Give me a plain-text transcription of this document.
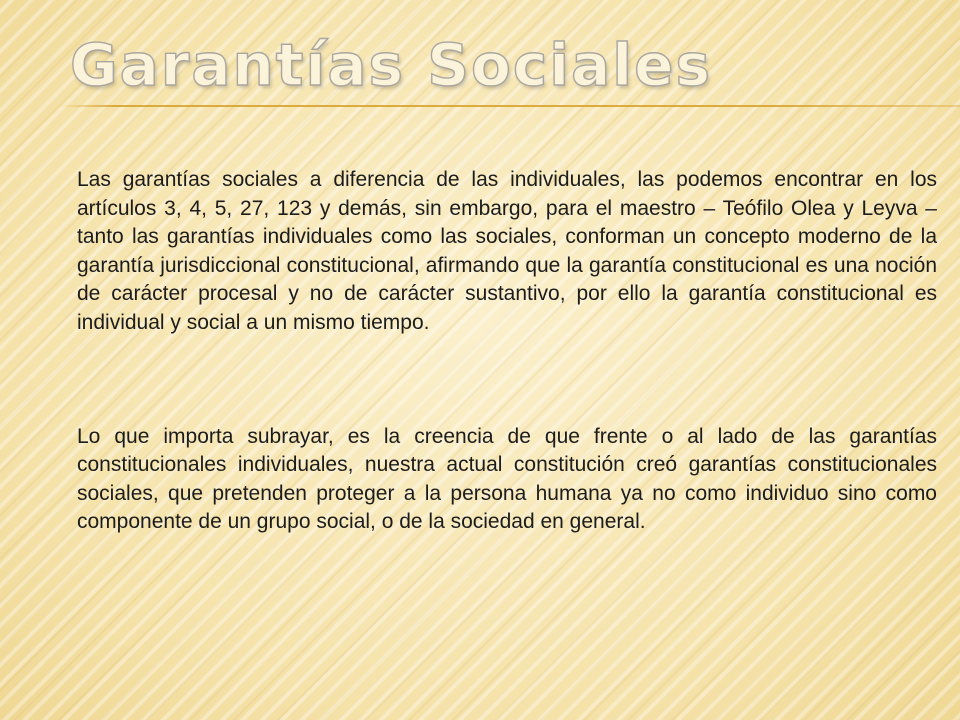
Garantías Sociales

Las garantías sociales a diferencia de las individuales, las podemos encontrar en los artículos 3, 4, 5, 27, 123 y demás, sin embargo, para el maestro – Teófilo Olea y Leyva – tanto las garantías individuales como las sociales, conforman un concepto moderno de la garantía jurisdiccional constitucional, afirmando que la garantía constitucional es una noción de carácter procesal y no de carácter sustantivo, por ello la garantía constitucional es individual y social a un mismo tiempo.

Lo que importa subrayar, es la creencia de que frente o al lado de las garantías constitucionales individuales, nuestra actual constitución creó garantías constitucionales sociales, que pretenden proteger a la persona humana ya no como individuo sino como componente de un grupo social, o de la sociedad en general.
